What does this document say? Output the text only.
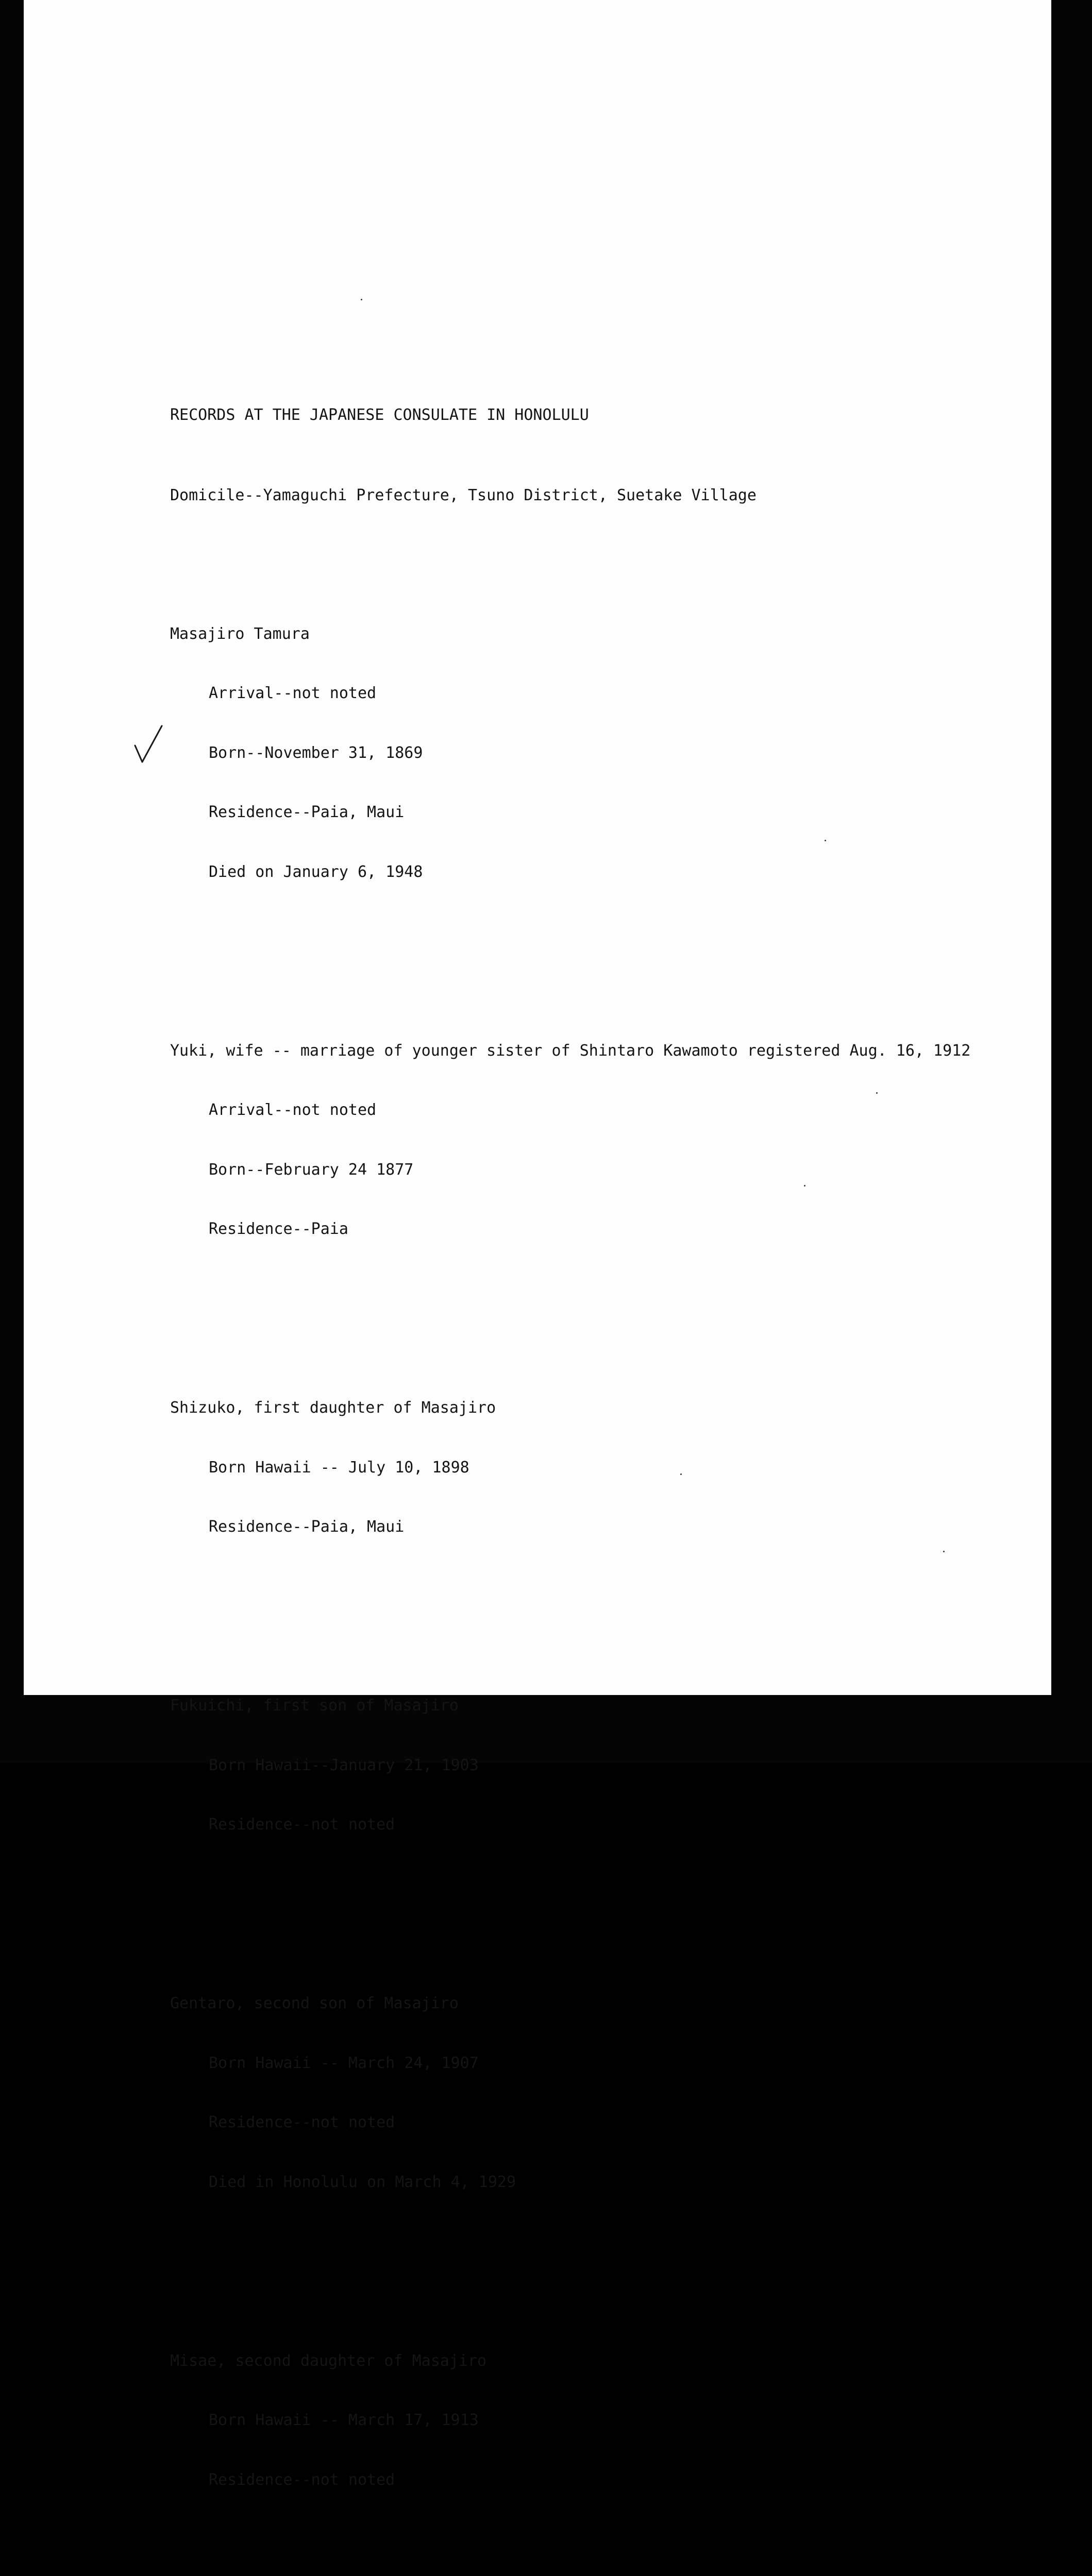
RECORDS AT THE JAPANESE CONSULATE IN HONOLULU

Domicile--Yamaguchi Prefecture, Tsuno District, Suetake Village

Masajiro Tamura

Arrival--not noted

Born--November 31, 1869

Residence--Paia, Maui

Died on January 6, 1948

Yuki, wife -- marriage of younger sister of Shintaro Kawamoto registered Aug. 16, 1912

Arrival--not noted

Born--February 24 1877

Residence--Paia

Shizuko, first daughter of Masajiro

Born Hawaii -- July 10, 1898

Residence--Paia, Maui

Fukuichi, first son of Masajiro

Born Hawaii--January 21, 1903

Residence--not noted

Gentaro, second son of Masajiro

Born Hawaii -- March 24, 1907

Residence--not noted

Died in Honolulu on March 4, 1929

Misae, second daughter of Masajiro

Born Hawaii -- March 17, 1913

Residence--not noted
